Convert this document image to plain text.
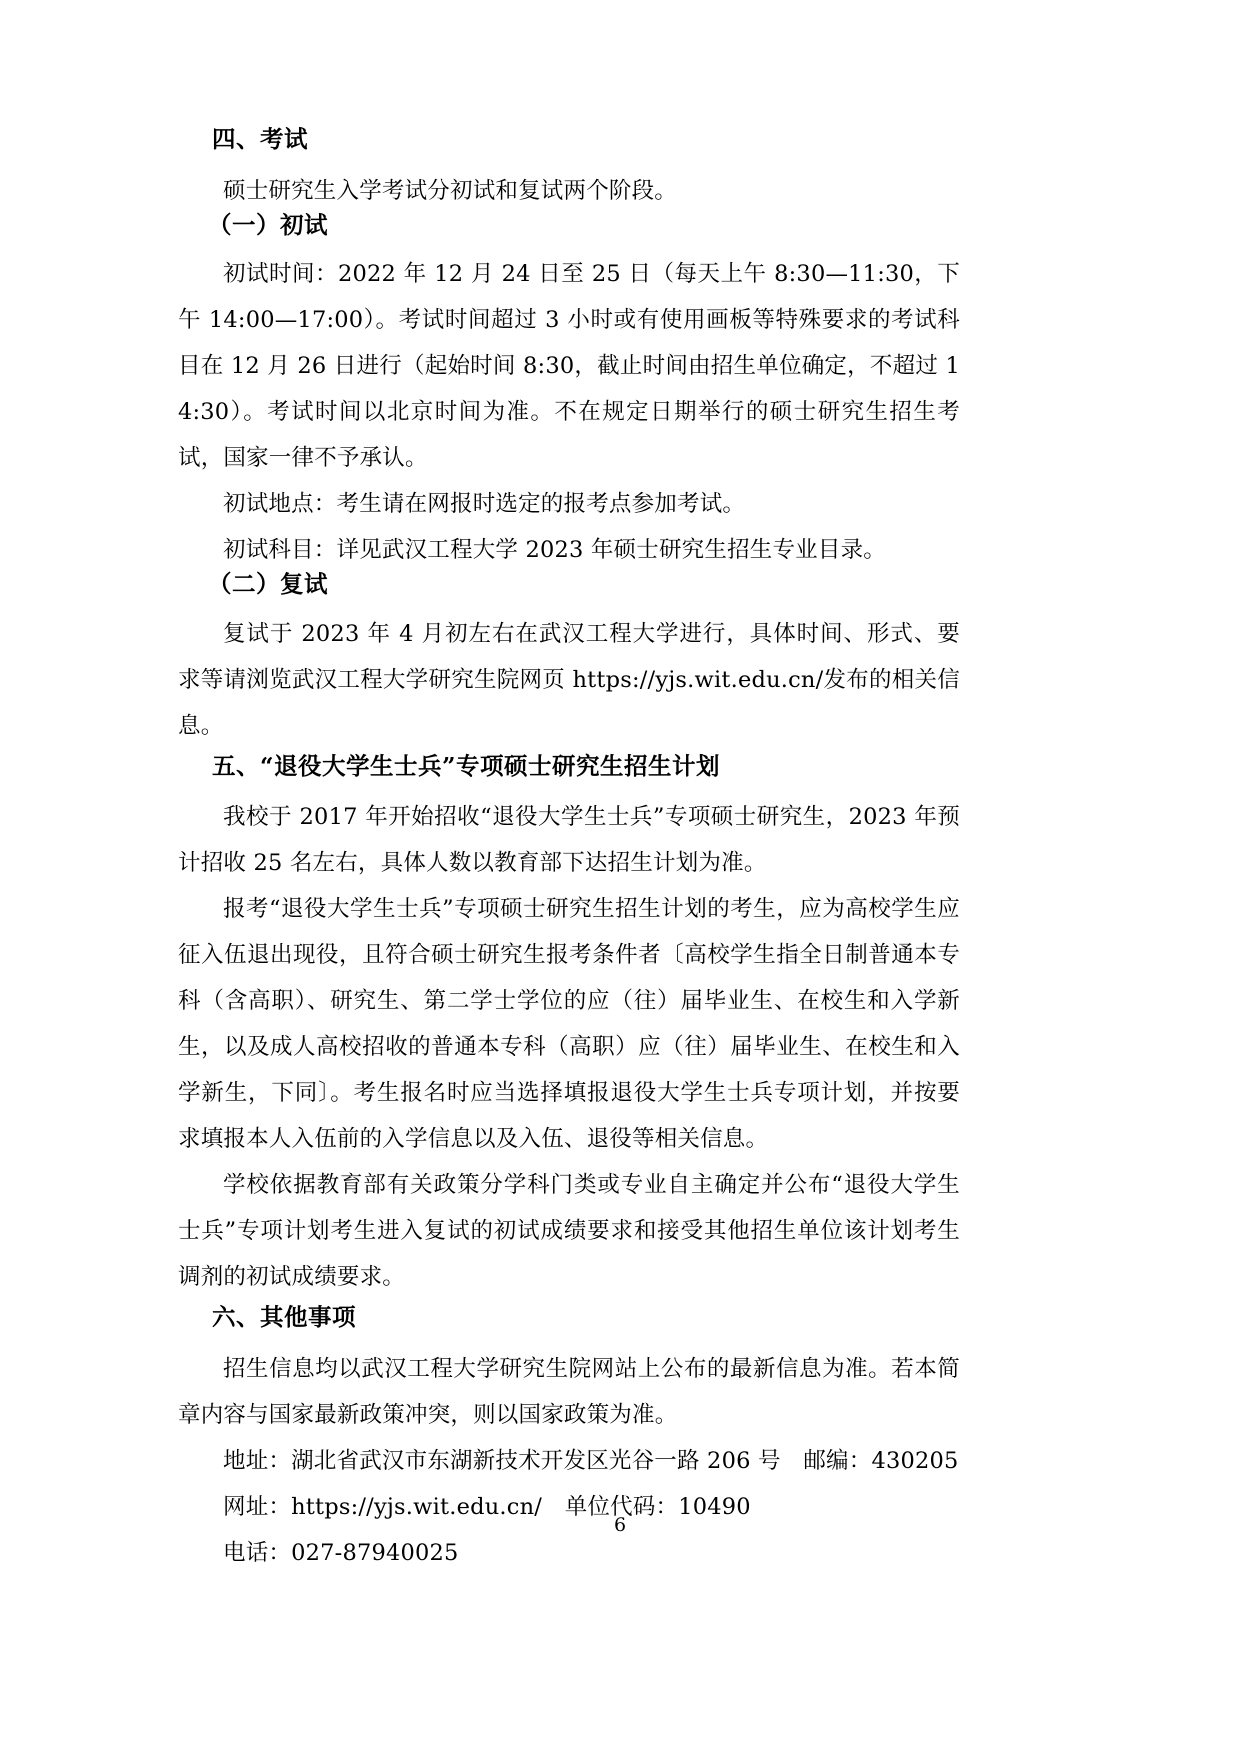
四、考试

硕士研究生入学考试分初试和复试两个阶段。

（一）初试

初试时间：2022 年 12 月 24 日至 25 日（每天上午 8:30—11:30，下午 14:00—17:00）。考试时间超过 3 小时或有使用画板等特殊要求的考试科目在 12 月 26 日进行（起始时间 8:30，截止时间由招生单位确定，不超过 14:30）。考试时间以北京时间为准。不在规定日期举行的硕士研究生招生考试，国家一律不予承认。

初试地点：考生请在网报时选定的报考点参加考试。

初试科目：详见武汉工程大学 2023 年硕士研究生招生专业目录。

（二）复试

复试于 2023 年 4 月初左右在武汉工程大学进行，具体时间、形式、要求等请浏览武汉工程大学研究生院网页 https://yjs.wit.edu.cn/发布的相关信息。

五、“退役大学生士兵”专项硕士研究生招生计划

我校于 2017 年开始招收“退役大学生士兵”专项硕士研究生，2023 年预计招收 25 名左右，具体人数以教育部下达招生计划为准。

报考“退役大学生士兵”专项硕士研究生招生计划的考生，应为高校学生应征入伍退出现役，且符合硕士研究生报考条件者〔高校学生指全日制普通本专科（含高职）、研究生、第二学士学位的应（往）届毕业生、在校生和入学新生，以及成人高校招收的普通本专科（高职）应（往）届毕业生、在校生和入学新生，下同〕。考生报名时应当选择填报退役大学生士兵专项计划，并按要求填报本人入伍前的入学信息以及入伍、退役等相关信息。

学校依据教育部有关政策分学科门类或专业自主确定并公布“退役大学生士兵”专项计划考生进入复试的初试成绩要求和接受其他招生单位该计划考生调剂的初试成绩要求。

六、其他事项

招生信息均以武汉工程大学研究生院网站上公布的最新信息为准。若本简章内容与国家最新政策冲突，则以国家政策为准。

地址：湖北省武汉市东湖新技术开发区光谷一路 206 号　邮编：430205

网址：https://yjs.wit.edu.cn/　单位代码：10490

电话：027-87940025

6
